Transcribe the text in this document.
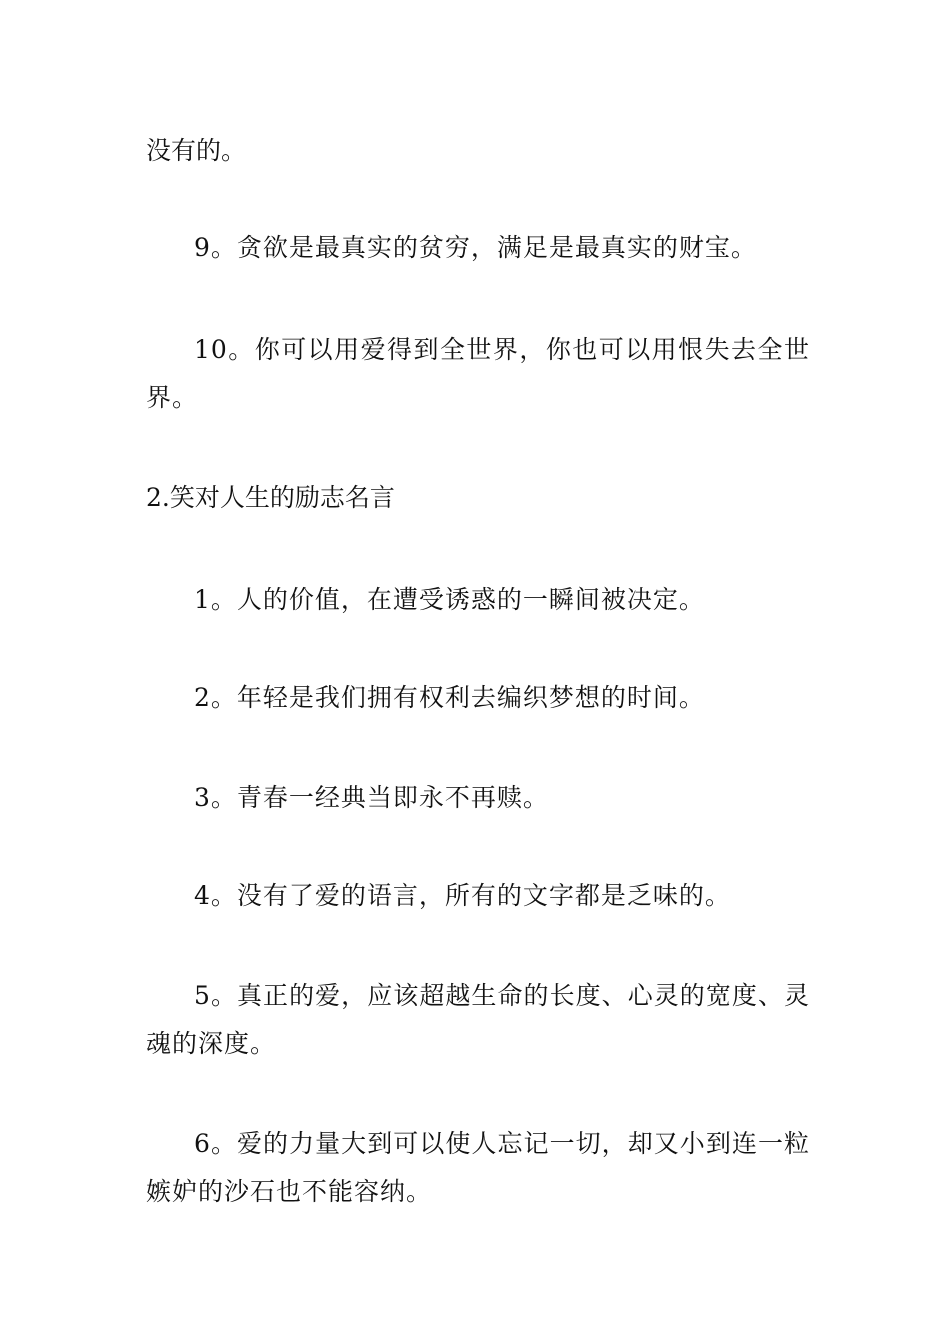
没有的。
9。贪欲是最真实的贫穷，满足是最真实的财宝。
10。你可以用爱得到全世界，你也可以用恨失去全世界。
2.笑对人生的励志名言
1。人的价值，在遭受诱惑的一瞬间被决定。
2。年轻是我们拥有权利去编织梦想的时间。
3。青春一经典当即永不再赎。
4。没有了爱的语言，所有的文字都是乏味的。
5。真正的爱，应该超越生命的长度、心灵的宽度、灵魂的深度。
6。爱的力量大到可以使人忘记一切，却又小到连一粒嫉妒的沙石也不能容纳。
